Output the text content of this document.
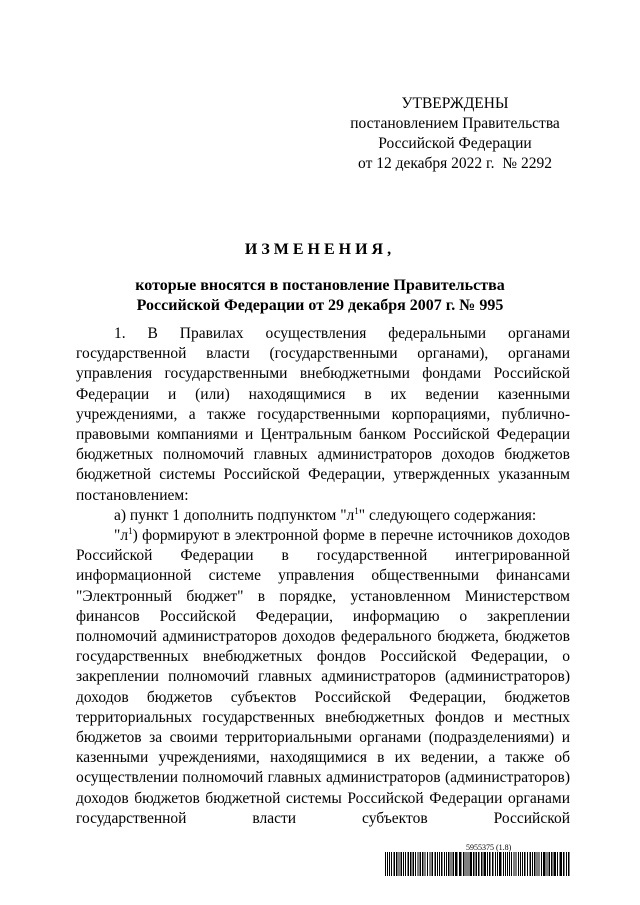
УТВЕРЖДЕНЫ
постановлением Правительства
Российской Федерации
от 12 декабря 2022 г.  № 2292
ИЗМЕНЕНИЯ,
которые вносятся в постановление Правительства
Российской Федерации от 29 декабря 2007 г. № 995

1. В Правилах осуществления федеральными органами государственной власти (государственными органами), органами управления государственными внебюджетными фондами Российской Федерации и (или) находящимися в их ведении казенными учреждениями, а также государственными корпорациями, публично-правовыми компаниями и Центральным банком Российской Федерации бюджетных полномочий главных администраторов доходов бюджетов бюджетной системы Российской Федерации, утвержденных указанным постановлением:

а) пункт 1 дополнить подпунктом "$л^1$" следующего содержания:

"$л^1$) формируют в электронной форме в перечне источников доходов Российской Федерации в государственной интегрированной информационной системе управления общественными финансами "Электронный бюджет" в порядке, установленном Министерством финансов Российской Федерации, информацию о закреплении полномочий администраторов доходов федерального бюджета, бюджетов государственных внебюджетных фондов Российской Федерации, о закреплении полномочий главных администраторов (администраторов) доходов бюджетов субъектов Российской Федерации, бюджетов территориальных государственных внебюджетных фондов и местных бюджетов за своими территориальными органами (подразделениями) и казенными учреждениями, находящимися в их ведении, а также об осуществлении полномочий главных администраторов (администраторов) доходов бюджетов бюджетной системы Российской Федерации органами государственной власти субъектов Российской

5955375 (1.8)
